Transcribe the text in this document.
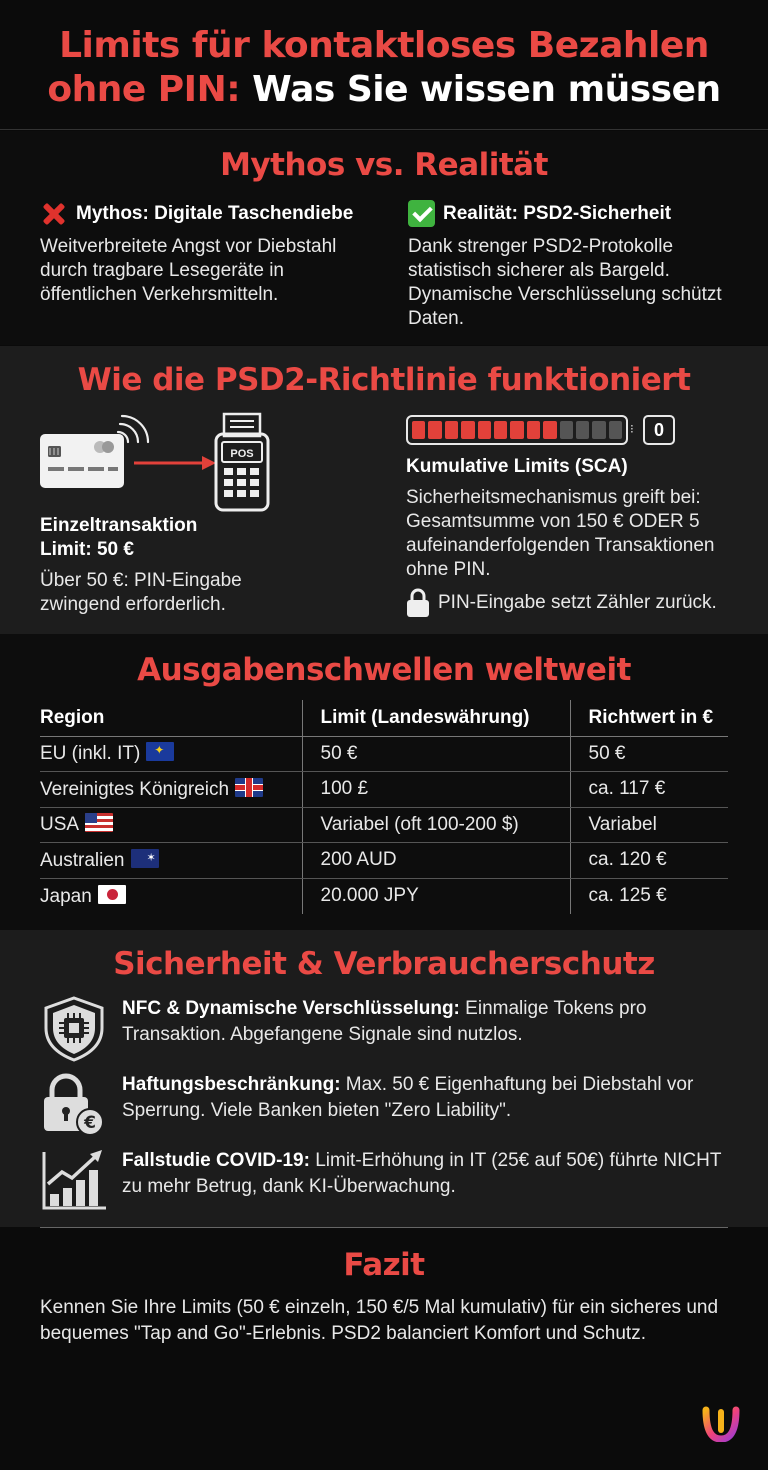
Limits für kontaktloses Bezahlen
ohne PIN: Was Sie wissen müssen
Mythos vs. Realität
Mythos: Digitale Taschendiebe
Weitverbreitete Angst vor Diebstahl durch tragbare Lesegeräte in öffentlichen Verkehrsmitteln.
Realität: PSD2-Sicherheit
Dank strenger PSD2-Protokolle statistisch sicherer als Bargeld. Dynamische Verschlüsselung schützt Daten.
Wie die PSD2-Richtlinie funktioniert
POS
Einzeltransaktion
Limit: 50 €
Über 50 €: PIN-Eingabe zwingend erforderlich.
⁝	0
Kumulative Limits (SCA)
Sicherheitsmechanismus greift bei: Gesamtsumme von 150 € ODER 5 aufeinanderfolgenden Transaktionen ohne PIN.
PIN-Eingabe setzt Zähler zurück.
Ausgabenschwellen weltweit
Region	Limit (Landeswährung)	Richtwert in €
EU (inkl. IT)✦	50 €	50 €
Vereinigtes Königreich	100 £	ca. 117 €
USA	Variabel (oft 100-200 $)	Variabel
Australien✶	200 AUD	ca. 120 €
Japan	20.000 JPY	ca. 125 €
Sicherheit & Verbraucherschutz
NFC & Dynamische Verschlüsselung: Einmalige Tokens pro Transaktion. Abgefangene Signale sind nutzlos.
€
Haftungsbeschränkung: Max. 50 € Eigenhaftung bei Diebstahl vor Sperrung. Viele Banken bieten "Zero Liability".
Fallstudie COVID-19: Limit-Erhöhung in IT (25€ auf 50€) führte NICHT zu mehr Betrug, dank KI-Überwachung.
Fazit
Kennen Sie Ihre Limits (50 € einzeln, 150 €/5 Mal kumulativ) für ein sicheres und bequemes "Tap and Go"-Erlebnis. PSD2 balanciert Komfort und Schutz.
